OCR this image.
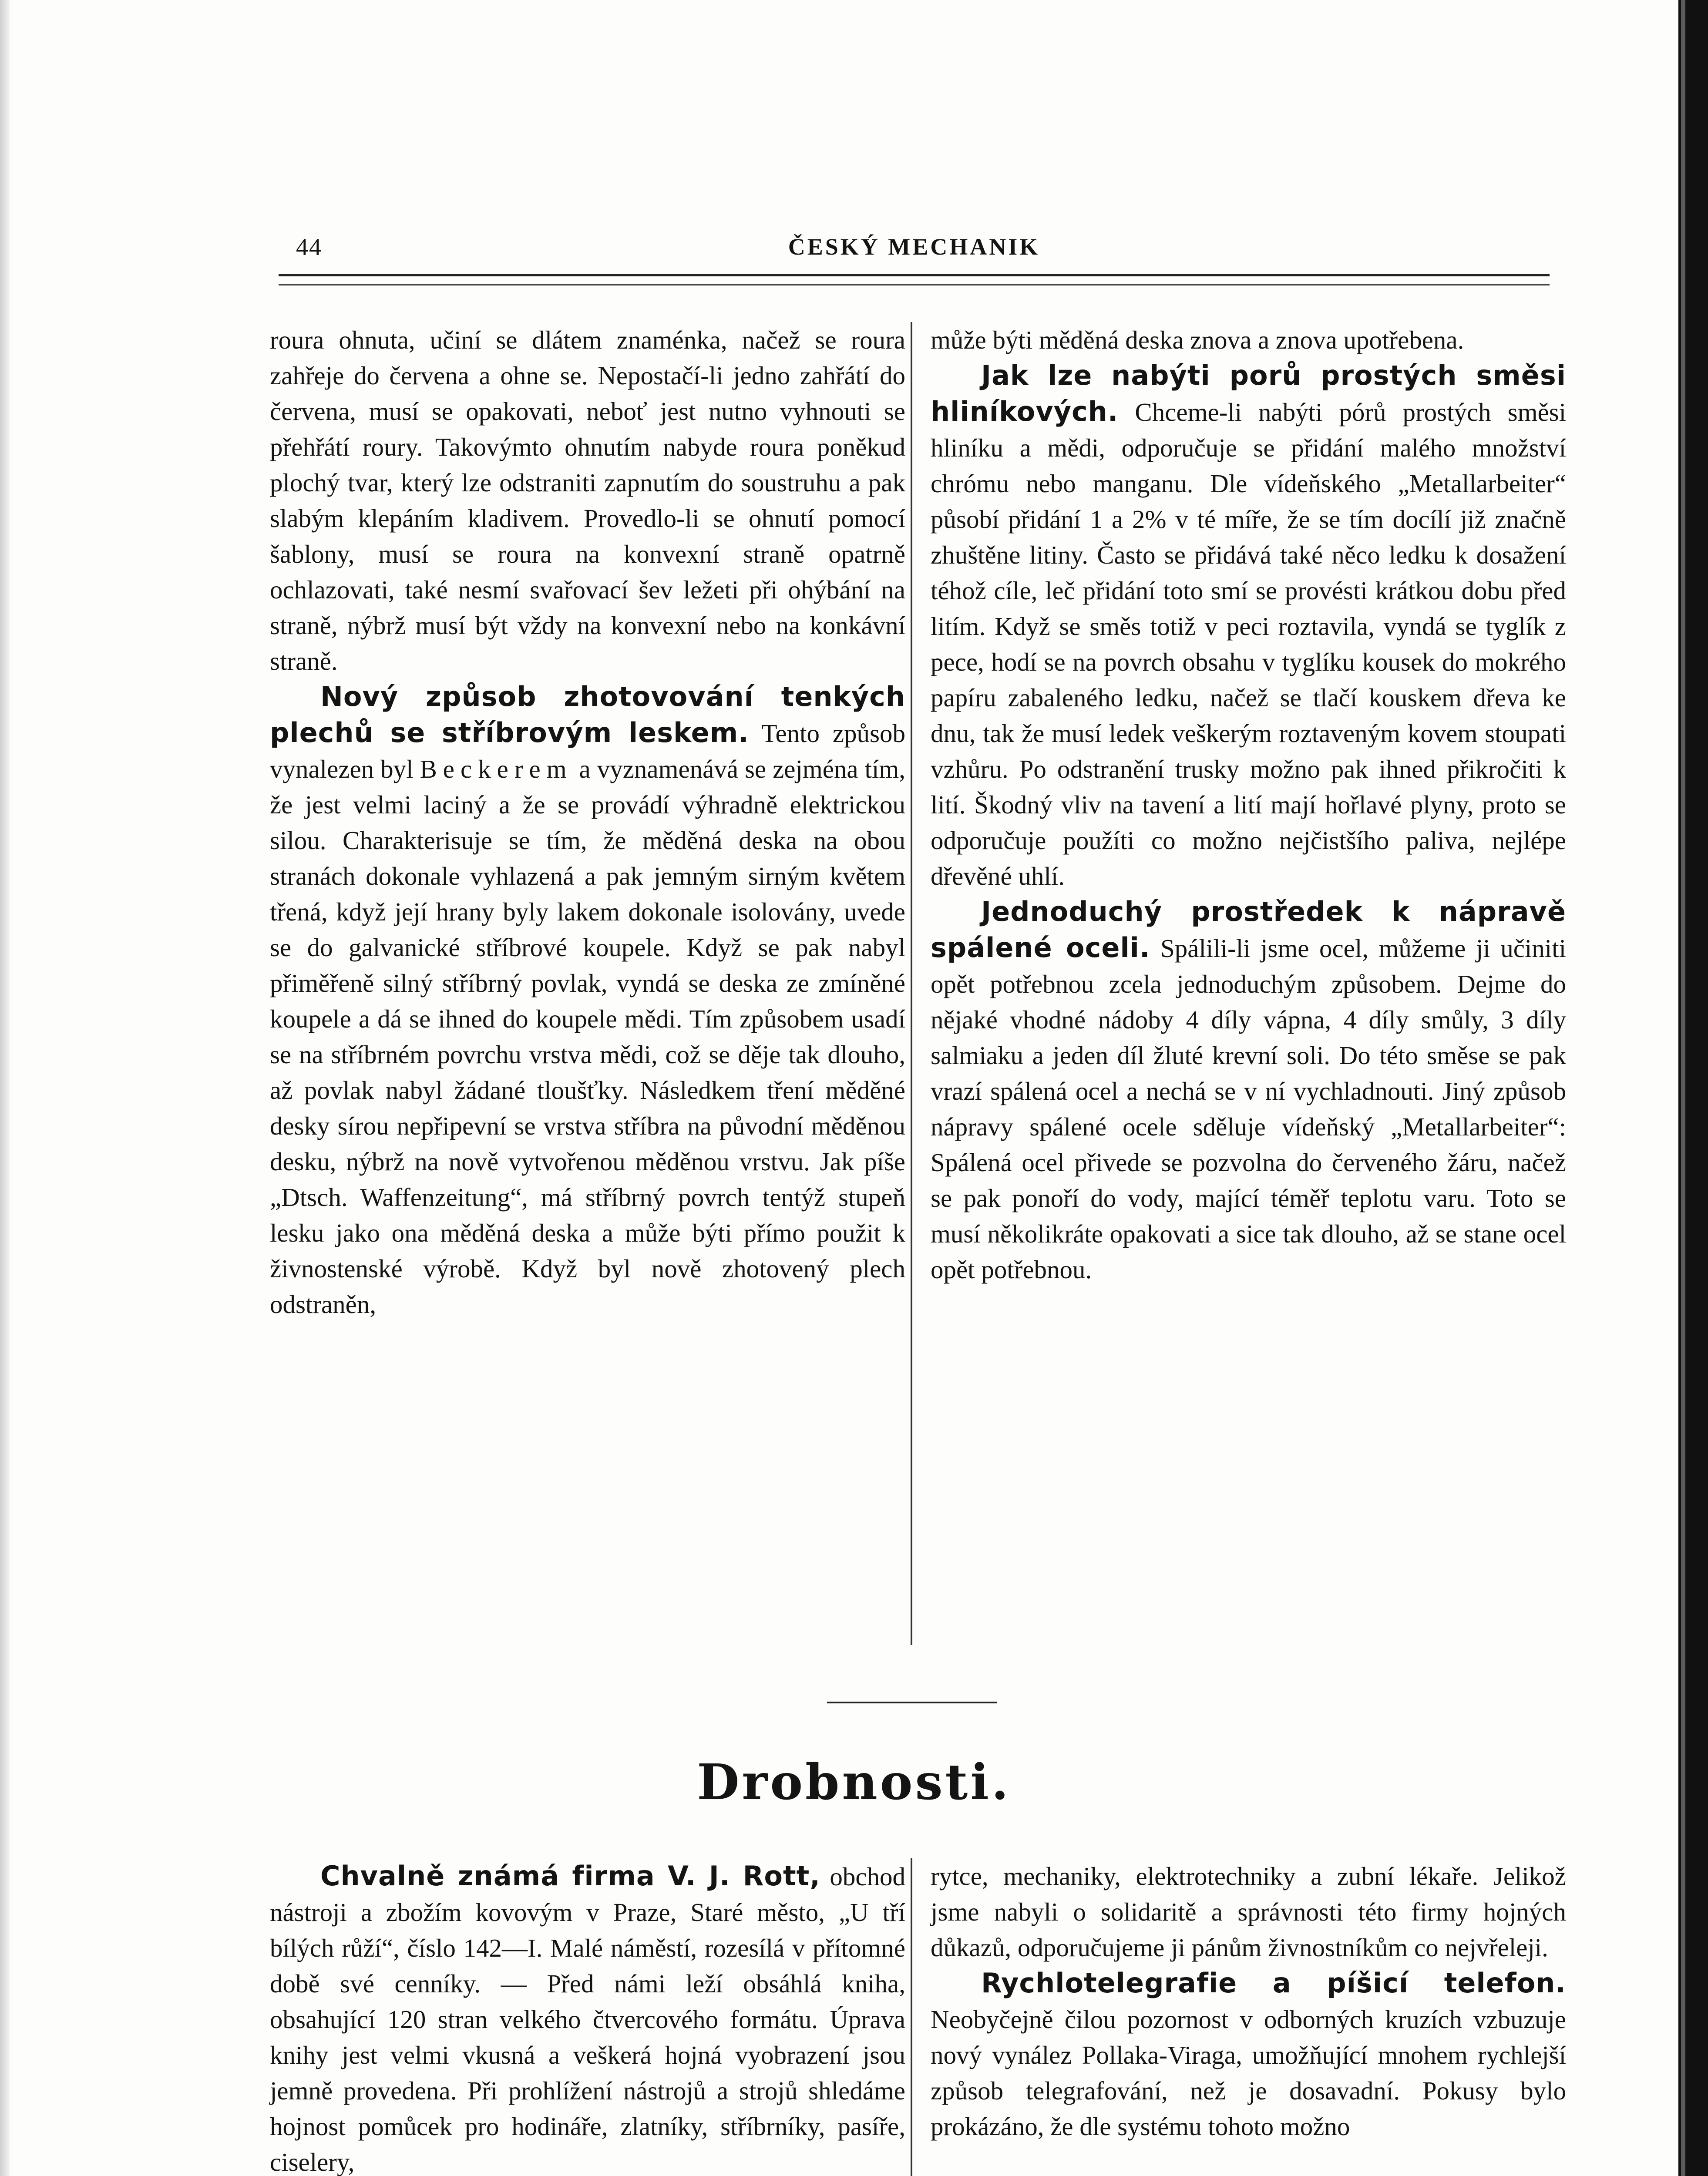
44	ČESKÝ MECHANIK

roura ohnuta, učiní se dlátem znaménka, načež se roura zahřeje do červena a ohne se. Nepostačí-li jedno zahřátí do červena, musí se opakovati, neboť jest nutno vyhnouti se přehřátí roury. Takovýmto ohnutím nabyde roura poněkud plochý tvar, který lze odstraniti zapnutím do soustruhu a pak slabým klepáním kladivem. Provedlo-li se ohnutí pomocí šablony, musí se roura na konvexní straně opatrně ochlazovati, také nesmí svařovací šev ležeti při ohýbání na straně, nýbrž musí být vždy na konvexní nebo na konkávní straně.

Nový způsob zhotovování tenkých plechů se stříbrovým leskem. Tento způsob vynalezen byl Beckerem a vyznamenává se zejména tím, že jest velmi laciný a že se provádí výhradně elektrickou silou. Charakterisuje se tím, že měděná deska na obou stranách dokonale vyhlazená a pak jemným sirným květem třená, když její hrany byly lakem dokonale isolovány, uvede se do galvanické stříbrové koupele. Když se pak nabyl přiměřeně silný stříbrný povlak, vyndá se deska ze zmíněné koupele a dá se ihned do koupele mědi. Tím způsobem usadí se na stříbrném povrchu vrstva mědi, což se děje tak dlouho, až povlak nabyl žádané tloušťky. Následkem tření měděné desky sírou nepřipevní se vrstva stříbra na původní měděnou desku, nýbrž na nově vytvořenou měděnou vrstvu. Jak píše „Dtsch. Waffenzeitung“, má stříbrný povrch tentýž stupeň lesku jako ona měděná deska a může býti přímo použit k živnostenské výrobě. Když byl nově zhotovený plech odstraněn,

může býti měděná deska znova a znova upotřebena.

Jak lze nabýti porů prostých směsi hliníkových. Chceme-li nabýti pórů prostých směsi hliníku a mědi, odporučuje se přidání malého množství chrómu nebo manganu. Dle vídeňského „Metallarbeiter“ působí přidání 1 a 2% v té míře, že se tím docílí již značně zhuštěne litiny. Často se přidává také něco ledku k dosažení téhož cíle, leč přidání toto smí se provésti krátkou dobu před litím. Když se směs totiž v peci roztavila, vyndá se tyglík z pece, hodí se na povrch obsahu v tyglíku kousek do mokrého papíru zabaleného ledku, načež se tlačí kouskem dřeva ke dnu, tak že musí ledek veškerým roztaveným kovem stoupati vzhůru. Po odstranění trusky možno pak ihned přikročiti k lití. Škodný vliv na tavení a lití mají hořlavé plyny, proto se odporučuje použíti co možno nejčistšího paliva, nejlépe dřevěné uhlí.

Jednoduchý prostředek k nápravě spálené oceli. Spálili-li jsme ocel, můžeme ji učiniti opět potřebnou zcela jednoduchým způsobem. Dejme do nějaké vhodné nádoby 4 díly vápna, 4 díly smůly, 3 díly salmiaku a jeden díl žluté krevní soli. Do této směse se pak vrazí spálená ocel a nechá se v ní vychladnouti. Jiný způsob nápravy spálené ocele sděluje vídeňský „Metallarbeiter“: Spálená ocel přivede se pozvolna do červeného žáru, načež se pak ponoří do vody, mající téměř teplotu varu. Toto se musí několikráte opakovati a sice tak dlouho, až se stane ocel opět potřebnou.

Drobnosti.

Chvalně známá firma V. J. Rott, obchod nástroji a zbožím kovovým v Praze, Staré město, „U tří bílých růží“, číslo 142—I. Malé náměstí, rozesílá v přítomné době své cenníky. — Před námi leží obsáhlá kniha, obsahující 120 stran velkého čtvercového formátu. Úprava knihy jest velmi vkusná a veškerá hojná vyobrazení jsou jemně provedena. Při prohlížení nástrojů a strojů shledáme hojnost pomůcek pro hodináře, zlatníky, stříbrníky, pasíře, ciselery,

rytce, mechaniky, elektrotechniky a zubní lékaře. Jelikož jsme nabyli o solidaritě a správnosti této firmy hojných důkazů, odporučujeme ji pánům živnostníkům co nejvřeleji.

Rychlotelegrafie a píšicí telefon. Neobyčejně čilou pozornost v odborných kruzích vzbuzuje nový vynález Pollaka-Viraga, umožňující mnohem rychlejší způsob telegrafování, než je dosavadní. Pokusy bylo prokázáno, že dle systému tohoto možno
